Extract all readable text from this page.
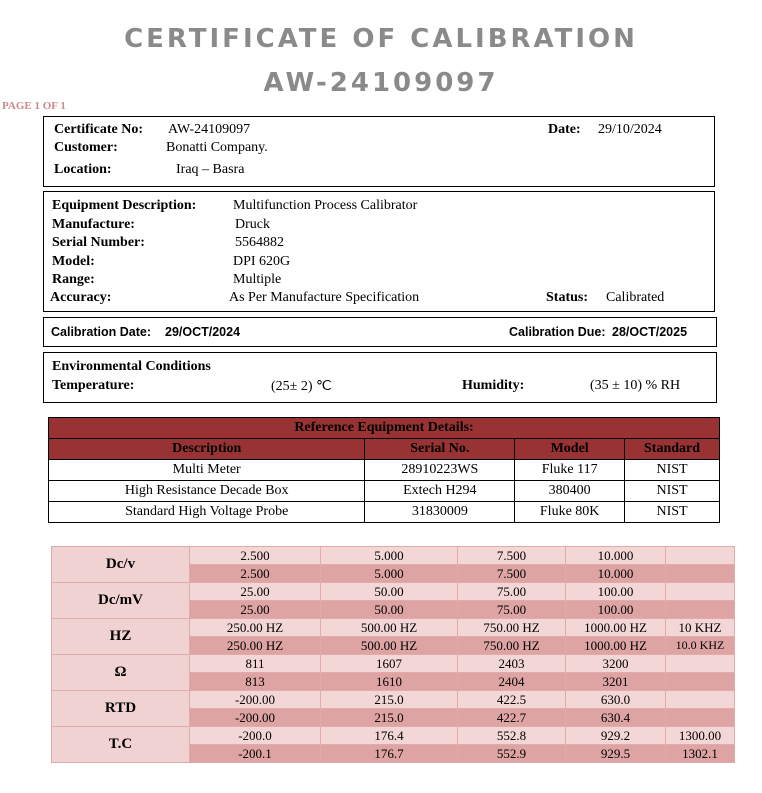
CERTIFICATE OF CALIBRATION
AW-24109097
PAGE 1 OF 1
Certificate No: AW-24109097	Date: 29/10/2024
Customer:	Bonatti Company.
Location:	Iraq – Basra
Equipment Description:	Multifunction Process Calibrator
Manufacture:	Druck
Serial Number:	5564882
Model:	DPI 620G
Range:	Multiple
Accuracy:	As Per Manufacture Specification	Status: Calibrated
Calibration Date: 29/OCT/2024	Calibration Due: 28/OCT/2025
Environmental Conditions
Temperature:	(25± 2) ℃	Humidity:	(35 ± 10) % RH
Reference Equipment Details:			
Description	Serial No.	Model	Standard
Multi Meter	28910223WS	Fluke 117	NIST
High Resistance Decade Box	Extech H294	380400	NIST
Standard High Voltage Probe	31830009	Fluke 80K	NIST
Dc/v	2.500	5.000	7.500	10.000	
	2.500	5.000	7.500	10.000	
Dc/mV	25.00	50.00	75.00	100.00	
	25.00	50.00	75.00	100.00	
HZ	250.00 HZ	500.00 HZ	750.00 HZ	1000.00 HZ	10 KHZ
	250.00 HZ	500.00 HZ	750.00 HZ	1000.00 HZ	10.0 KHZ
Ω	811	1607	2403	3200	
	813	1610	2404	3201	
RTD	-200.00	215.0	422.5	630.0	
	-200.00	215.0	422.7	630.4	
T.C	-200.0	176.4	552.8	929.2	1300.00
	-200.1	176.7	552.9	929.5	1302.1
